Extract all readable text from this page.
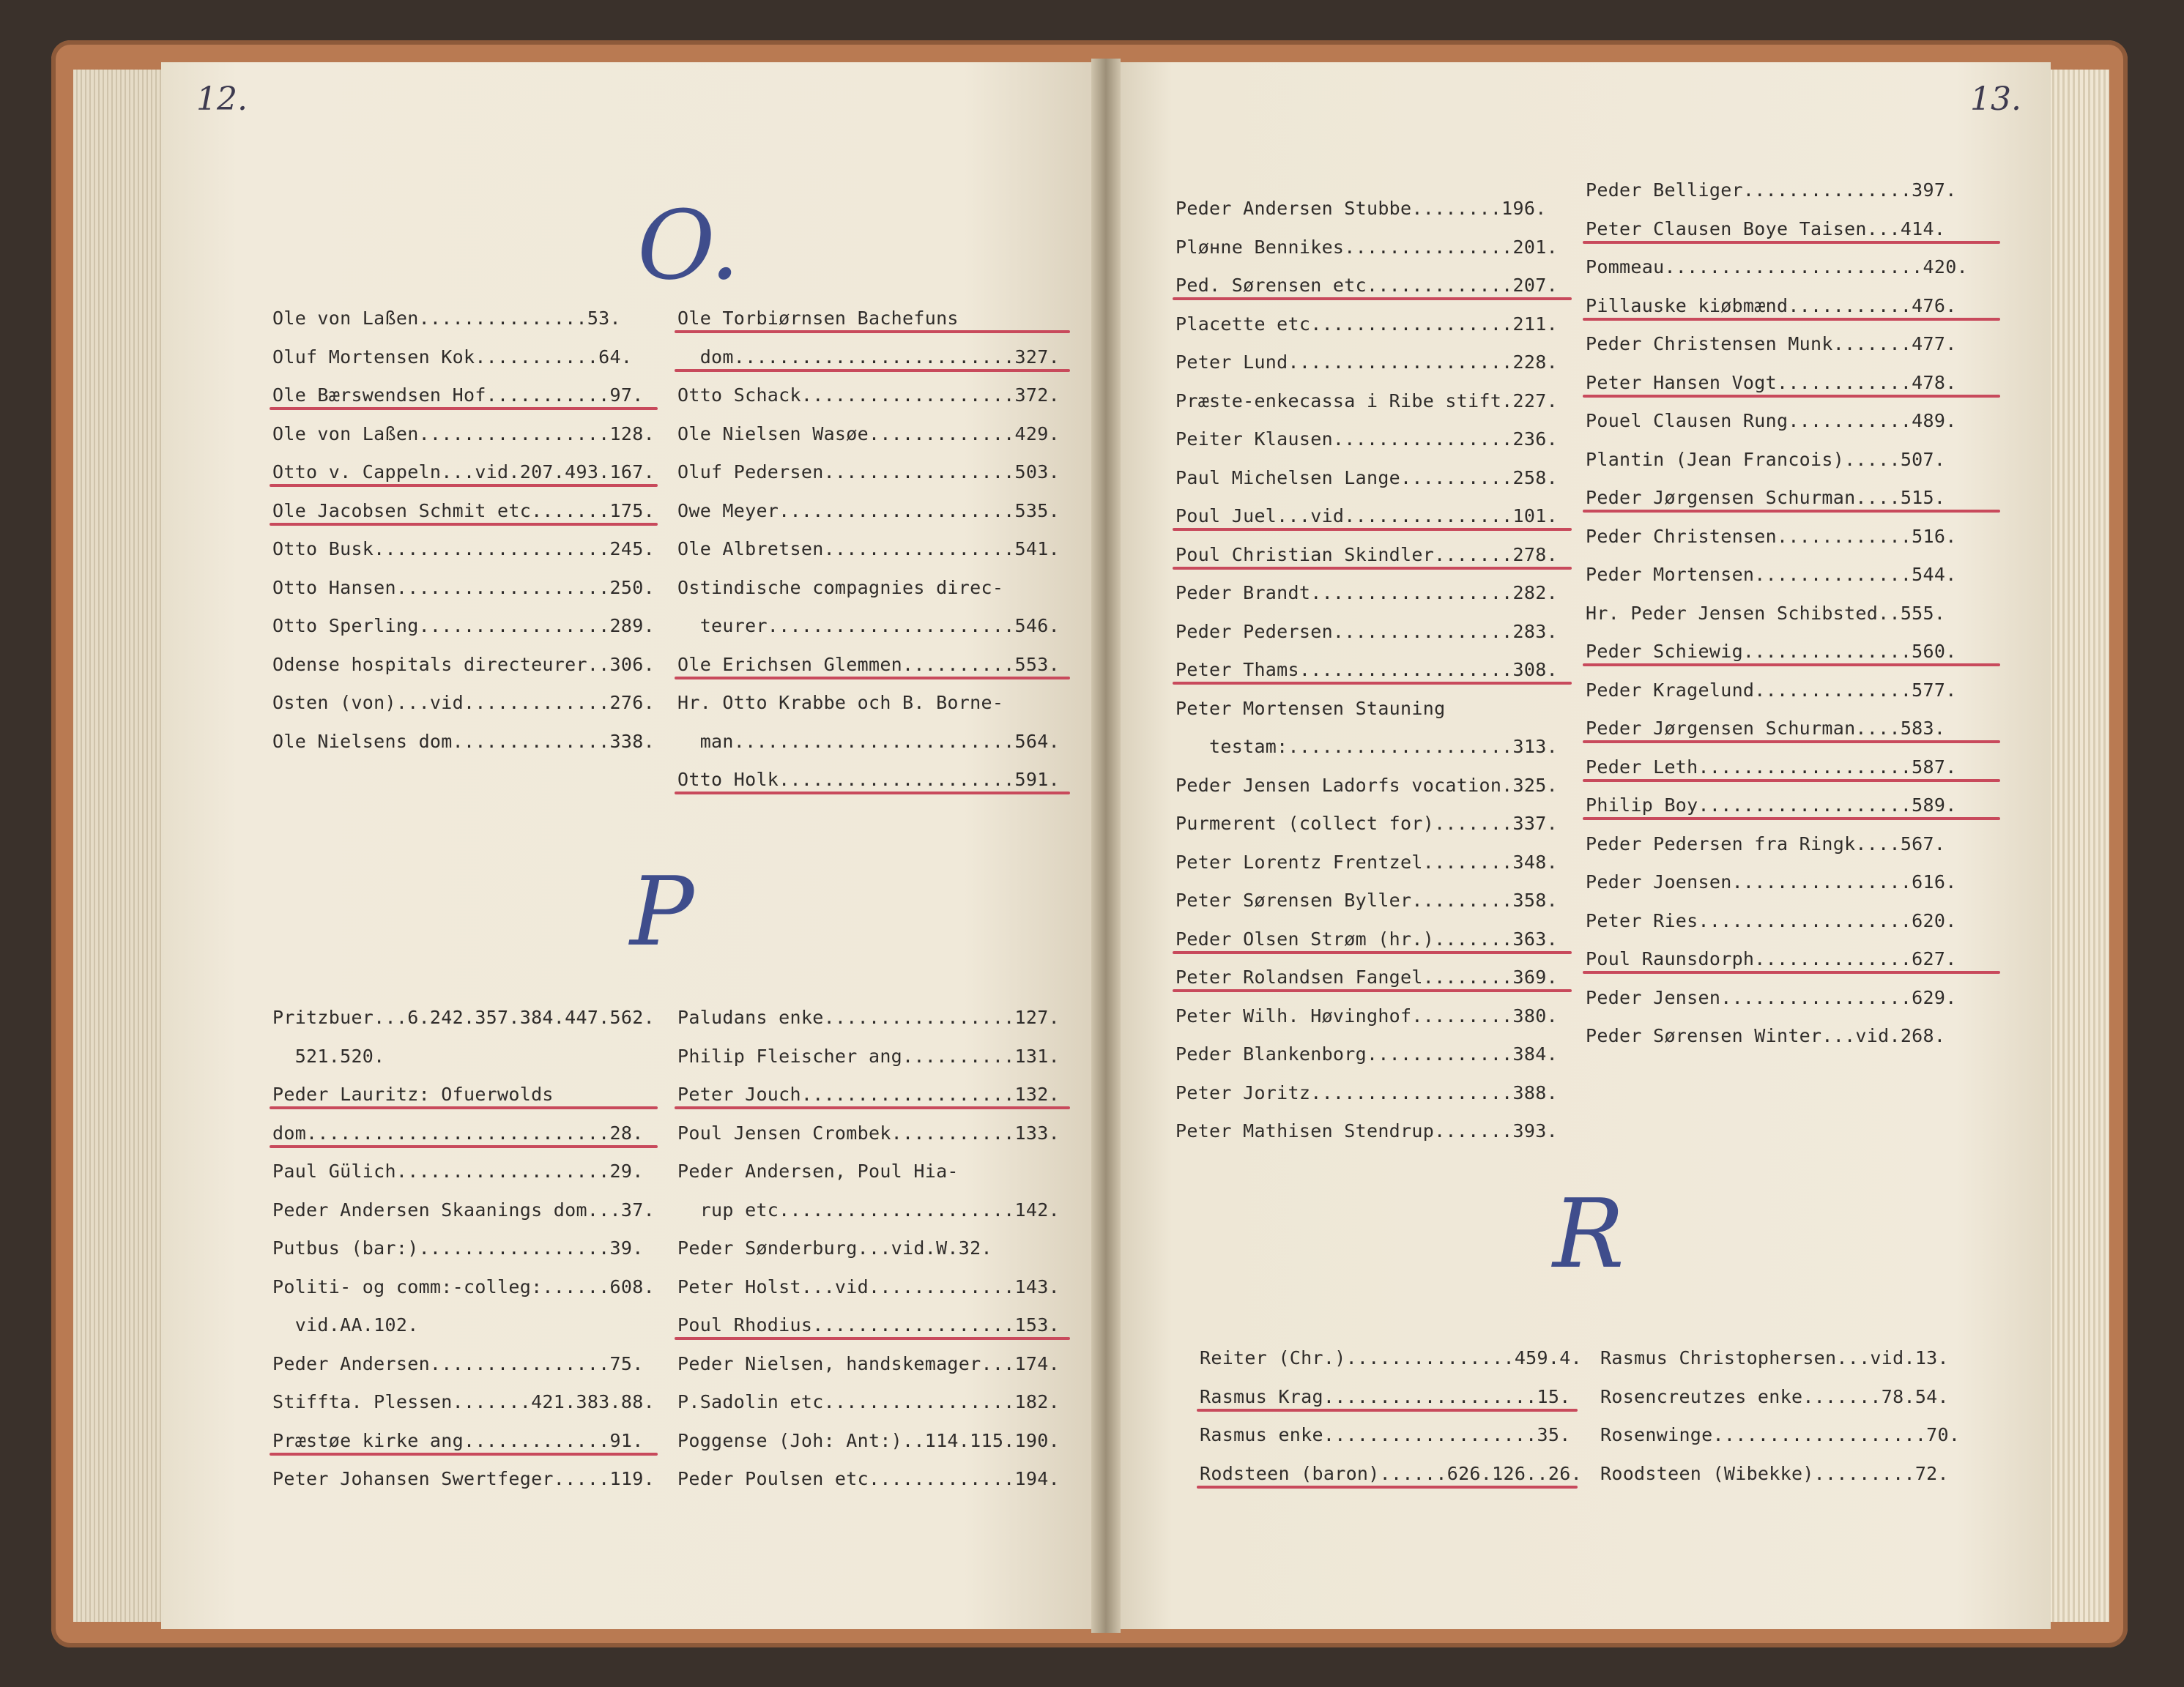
12.	13.
O.
P
R
Ole von Laßen...............53.
Oluf Mortensen Kok...........64.
Ole Bærswendsen Hof...........97.
Ole von Laßen.................128.
Otto v. Cappeln...vid.207.493.167.
Ole Jacobsen Schmit etc.......175.
Otto Busk.....................245.
Otto Hansen...................250.
Otto Sperling.................289.
Odense hospitals directeurer..306.
Osten (von)...vid.............276.
Ole Nielsens dom..............338.
Ole Torbiørnsen Bachefuns
dom.........................327.
Otto Schack...................372.
Ole Nielsen Wasøe.............429.
Oluf Pedersen.................503.
Owe Meyer.....................535.
Ole Albretsen.................541.
Ostindische compagnies direc-
teurer......................546.
Ole Erichsen Glemmen..........553.
Hr. Otto Krabbe och B. Borne-
man.........................564.
Otto Holk.....................591.
Pritzbuer...6.242.357.384.447.562.
521.520.
Peder Lauritz: Ofuerwolds
dom...........................28.
Paul Gülich...................29.
Peder Andersen Skaanings dom...37.
Putbus (bar:).................39.
Politi- og comm:-colleg:......608.
vid.AA.102.
Peder Andersen................75.
Stiffta. Plessen.......421.383.88.
Præstøe kirke ang.............91.
Peter Johansen Swertfeger.....119.
Paludans enke.................127.
Philip Fleischer ang..........131.
Peter Jouch...................132.
Poul Jensen Crombek...........133.
Peder Andersen, Poul Hia-
rup etc.....................142.
Peder Sønderburg...vid.W.32.
Peter Holst...vid.............143.
Poul Rhodius..................153.
Peder Nielsen, handskemager...174.
P.Sadolin etc.................182.
Poggense (Joh: Ant:)..114.115.190.
Peder Poulsen etc.............194.
Peder Andersen Stubbe........196.
Pløнne Bennikes...............201.
Ped. Sørensen etc.............207.
Placette etc..................211.
Peter Lund....................228.
Præste-enkecassa i Ribe stift.227.
Peiter Klausen................236.
Paul Michelsen Lange..........258.
Poul Juel...vid...............101.
Poul Christian Skindler.......278.
Peder Brandt..................282.
Peder Pedersen................283.
Peter Thams...................308.
Peter Mortensen Stauning
testam:....................313.
Peder Jensen Ladorfs vocation.325.
Purmerent (collect for).......337.
Peter Lorentz Frentzel........348.
Peter Sørensen Byller.........358.
Peder Olsen Strøm (hr.).......363.
Peter Rolandsen Fangel........369.
Peter Wilh. Høvinghof.........380.
Peder Blankenborg.............384.
Peter Joritz..................388.
Peter Mathisen Stendrup.......393.
Peder Belliger...............397.
Peter Clausen Boye Taisen...414.
Pommeau.......................420.
Pillauske kiøbmænd...........476.
Peder Christensen Munk.......477.
Peter Hansen Vogt............478.
Pouel Clausen Rung...........489.
Plantin (Jean Francois).....507.
Peder Jørgensen Schurman....515.
Peder Christensen............516.
Peder Mortensen..............544.
Hr. Peder Jensen Schibsted..555.
Peder Schiewig...............560.
Peder Kragelund..............577.
Peder Jørgensen Schurman....583.
Peder Leth...................587.
Philip Boy...................589.
Peder Pedersen fra Ringk....567.
Peder Joensen................616.
Peter Ries...................620.
Poul Raunsdorph..............627.
Peder Jensen.................629.
Peder Sørensen Winter...vid.268.
Reiter (Chr.)...............459.4.
Rasmus Krag...................15.
Rasmus enke...................35.
Rodsteen (baron)......626.126..26.
Rasmus Christophersen...vid.13.
Rosencreutzes enke.......78.54.
Rosenwinge...................70.
Roodsteen (Wibekke).........72.
